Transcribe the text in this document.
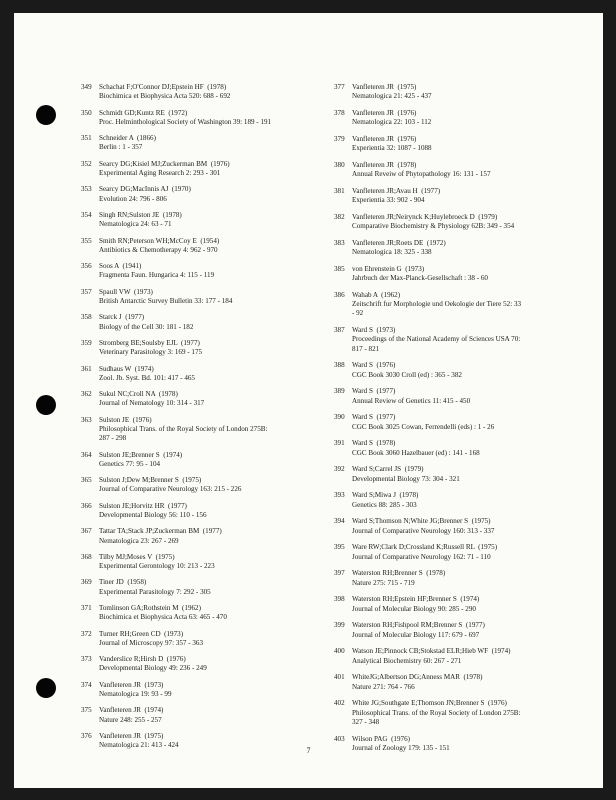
349	Schachat F;O'Connor DJ;Epstein HF  (1978)
Biochimica et Biophysica Acta 520: 688 - 692
350	Schmidt GD;Kuntz RE  (1972)
Proc. Helminthological Society of Washington 39: 189 - 191
351	Schneider A  (1866)
Berlin : 1 - 357
352	Searcy DG;Kisiel MJ;Zuckerman BM  (1976)
Experimental Aging Research 2: 293 - 301
353	Searcy DG;MacInnis AJ  (1970)
Evolution 24: 796 - 806
354	Singh RN;Sulston JE  (1978)
Nematologica 24: 63 - 71
355	Smith RN;Peterson WH;McCoy E  (1954)
Antibiotics & Chemotherapy 4: 962 - 970
356	Soos A  (1941)
Fragmenta Faun. Hungarica 4: 115 - 119
357	Spaull VW  (1973)
British Antarctic Survey Bulletin 33: 177 - 184
358	Starck J  (1977)
Biology of the Cell 30: 181 - 182
359	Stromberg BE;Soulsby EJL  (1977)
Veterinary Parasitology 3: 169 - 175
361	Sudhaus W  (1974)
Zool. Jb. Syst. Bd. 101: 417 - 465
362	Sukul NC;Croll NA  (1978)
Journal of Nematology 10: 314 - 317
363	Sulston JE  (1976)
Philosophical Trans. of the Royal Society of London 275B:
287 - 298
364	Sulston JE;Brenner S  (1974)
Genetics 77: 95 - 104
365	Sulston J;Dew M;Brenner S  (1975)
Journal of Comparative Neurology 163: 215 - 226
366	Sulston JE;Horvitz HR  (1977)
Developmental Biology 56: 110 - 156
367	Tattar TA;Stack JP;Zuckerman BM  (1977)
Nematologica 23: 267 - 269
368	Tilby MJ;Moses V  (1975)
Experimental Gerontology 10: 213 - 223
369	Tiner JD  (1958)
Experimental Parasitology 7: 292 - 305
371	Tomlinson GA;Rothstein M  (1962)
Biochimica et Biophysica Acta 63: 465 - 470
372	Turner RH;Green CD  (1973)
Journal of Microscopy 97: 357 - 363
373	Vanderslice R;Hirsh D  (1976)
Developmental Biology 49: 236 - 249
374	Vanfleteren JR  (1973)
Nematologica 19: 93 - 99
375	Vanfleteren JR  (1974)
Nature 248: 255 - 257
376	Vanfleteren JR  (1975)
Nematologica 21: 413 - 424
377	Vanfleteren JR  (1975)
Nematologica 21: 425 - 437
378	Vanfleteren JR  (1976)
Nematologica 22: 103 - 112
379	Vanfleteren JR  (1976)
Experientia 32: 1087 - 1088
380	Vanfleteren JR  (1978)
Annual Reveiw of Phytopathology 16: 131 - 157
381	Vanfleteren JR;Avau H  (1977)
Experientia 33: 902 - 904
382	Vanfleteren JR;Neirynck K;Huylebroeck D  (1979)
Comparative Biochemistry & Physiology 62B: 349 - 354
383	Vanfleteren JR;Roets DE  (1972)
Nematologica 18: 325 - 338
385	von Ehrenstein G  (1973)
Jahrbuch der Max-Planck-Gesellschaft : 38 - 60
386	Wahab A  (1962)
Zeitschrift fur Morphologie und Oekologie der Tiere 52: 33
- 92
387	Ward S  (1973)
Proceedings of the National Academy of Sciences USA 70:
817 - 821
388	Ward S  (1976)
CGC Book 3030 Croll (ed) : 365 - 382
389	Ward S  (1977)
Annual Review of Genetics 11: 415 - 450
390	Ward S  (1977)
CGC Book 3025 Cowan, Ferrendelli (eds) : 1 - 26
391	Ward S  (1978)
CGC Book 3060 Hazelbauer (ed) : 141 - 168
392	Ward S;Carrel JS  (1979)
Developmental Biology 73: 304 - 321
393	Ward S;Miwa J  (1978)
Genetics 88: 285 - 303
394	Ward S;Thomson N;White JG;Brenner S  (1975)
Journal of Comparative Neurology 160: 313 - 337
395	Ware RW;Clark D;Crossland K;Russell RL  (1975)
Journal of Comparative Neurology 162: 71 - 110
397	Waterston RH;Brenner S  (1978)
Nature 275: 715 - 719
398	Waterston RH;Epstein HF;Brenner S  (1974)
Journal of Molecular Biology 90: 285 - 290
399	Waterston RH;Fishpool RM;Brenner S  (1977)
Journal of Molecular Biology 117: 679 - 697
400	Watson JE;Pinnock CB;Stokstad ELR;Hieb WF  (1974)
Analytical Biochemistry 60: 267 - 271
401	WhiteJG;Albertson DG;Anness MAR  (1978)
Nature 271: 764 - 766
402	White JG;Southgate E;Thomson JN;Brenner S  (1976)
Philosophical Trans. of the Royal Society of London 275B:
327 - 348
403	Wilson PAG  (1976)
Journal of Zoology 179: 135 - 151
7
